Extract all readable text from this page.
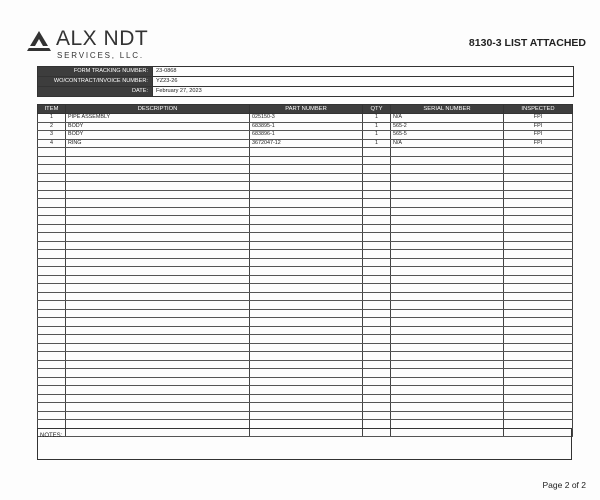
ALX NDT
SERVICES, LLC.
8130-3 LIST ATTACHED
FORM TRACKING NUMBER:	23-0868
WO/CONTRACT/INVOICE NUMBER:	YZ23-26
DATE:	February 27, 2023
ITEM	DESCRIPTION	PART NUMBER	QTY	SERIAL NUMBER	INSPECTED
1	PIPE ASSEMBLY	025150-3	1	N/A	FPI
2	BODY	683895-1	1	565-2	FPI
3	BODY	683896-1	1	565-5	FPI
4	RING	3672047-12	1	N/A	FPI

NOTES:
Page 2 of 2
